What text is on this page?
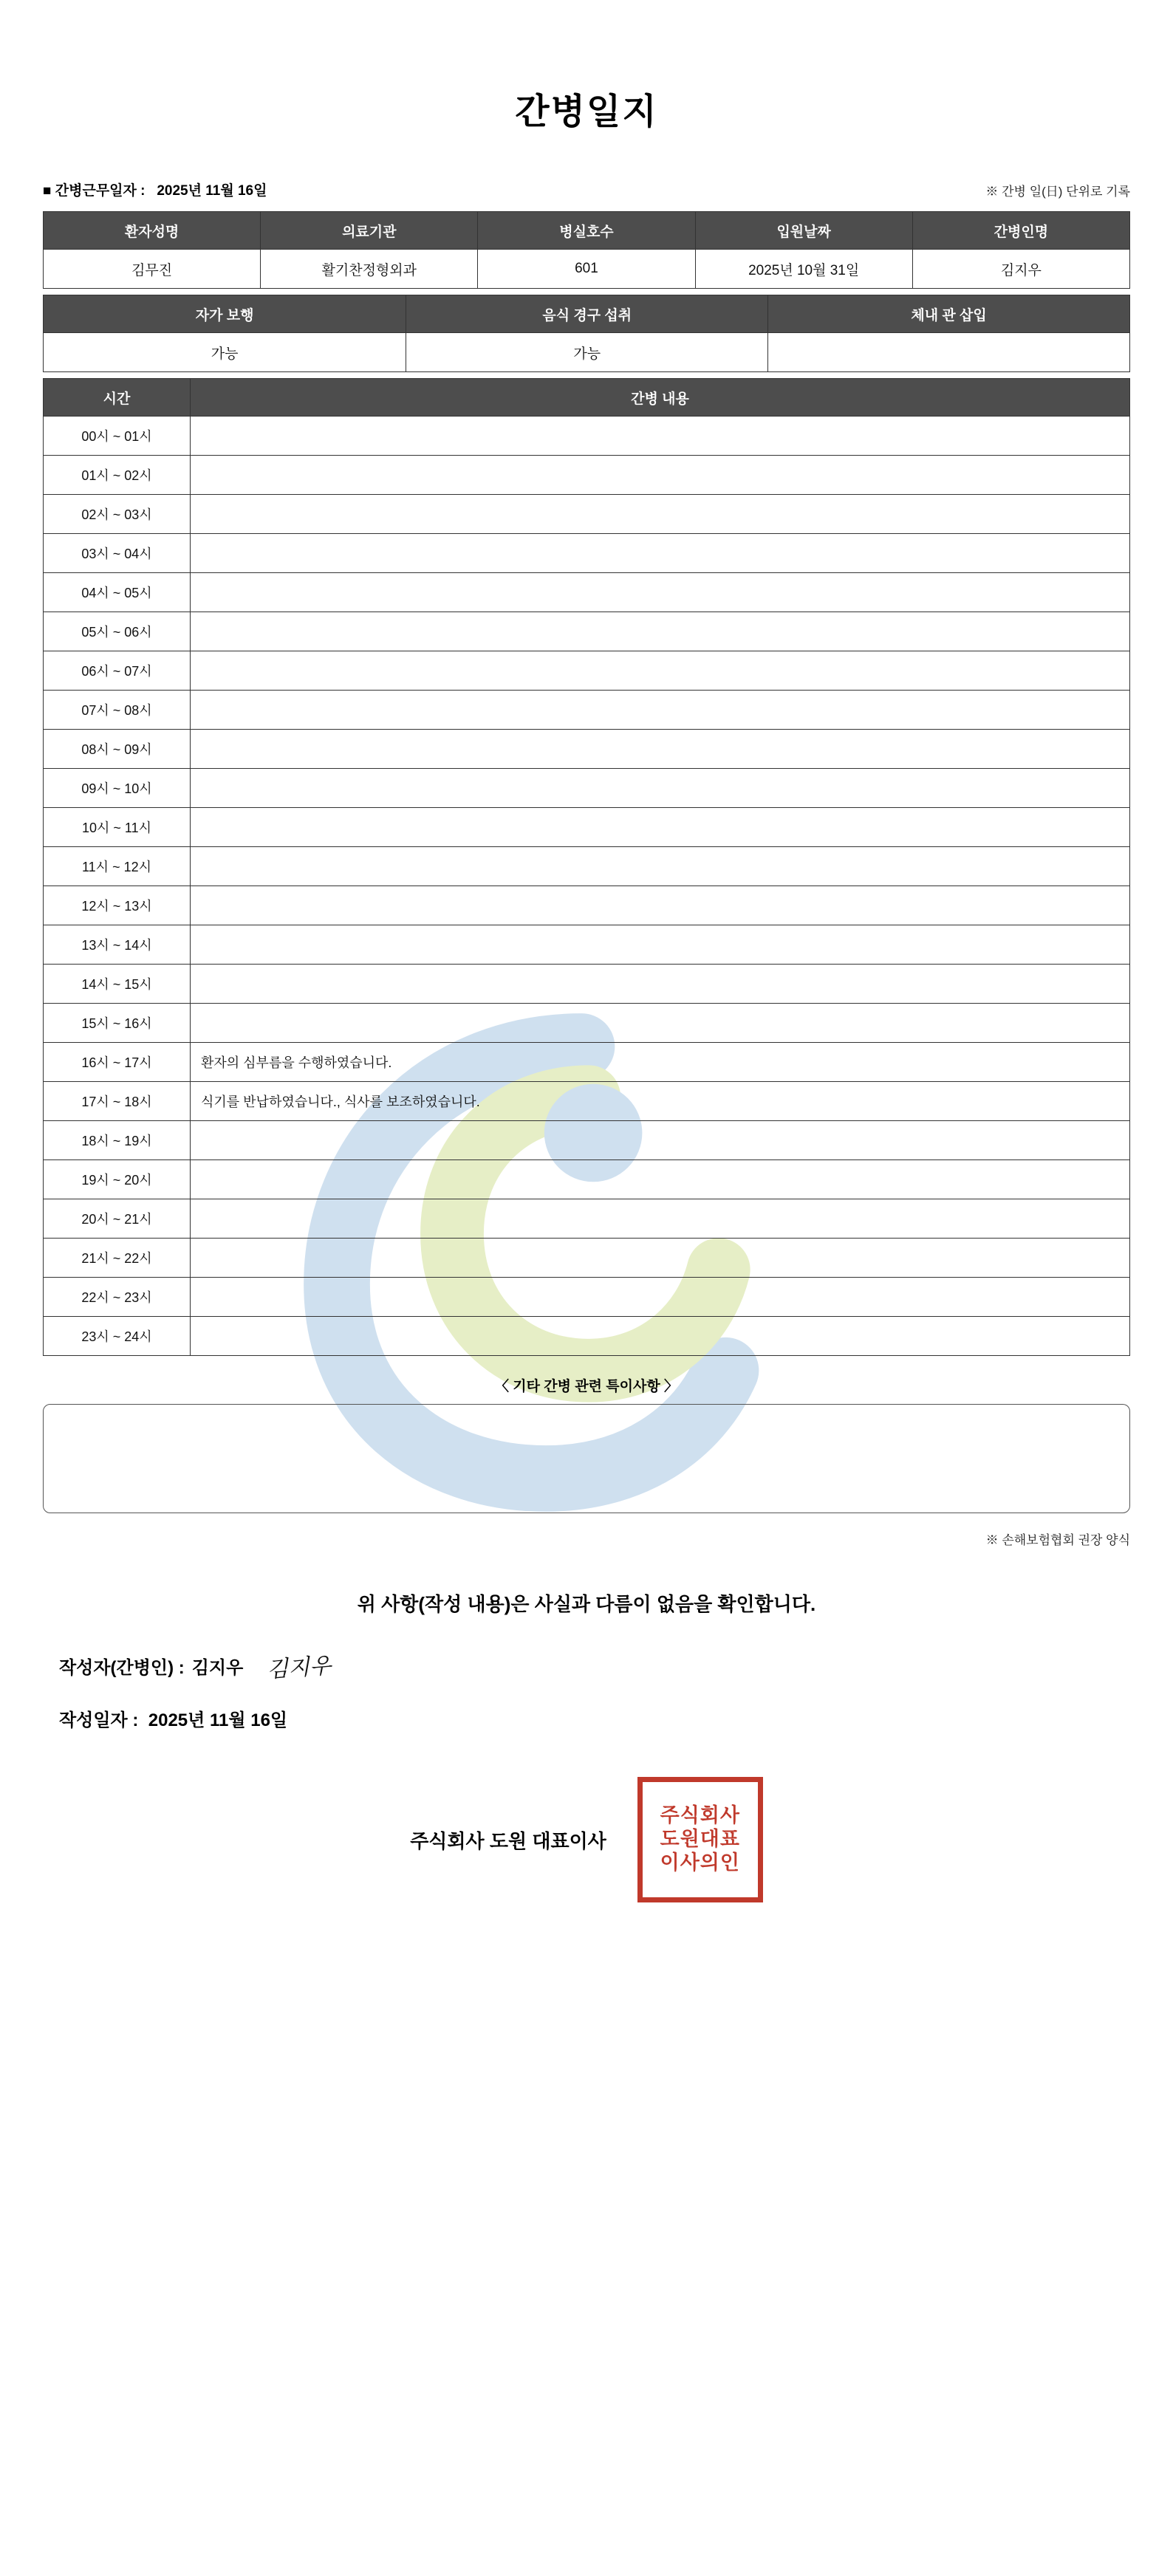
간병일지
■ 간병근무일자 : 2025년 11월 16일	※ 간병 일(日) 단위로 기록
환자성명	의료기관	병실호수	입원날짜	간병인명
김무진	활기찬정형외과	601	2025년 10월 31일	김지우
자가 보행	음식 경구 섭취	체내 관 삽입
가능	가능	
시간	간병 내용
00시 ~ 01시	
01시 ~ 02시	
02시 ~ 03시	
03시 ~ 04시	
04시 ~ 05시	
05시 ~ 06시	
06시 ~ 07시	
07시 ~ 08시	
08시 ~ 09시	
09시 ~ 10시	
10시 ~ 11시	
11시 ~ 12시	
12시 ~ 13시	
13시 ~ 14시	
14시 ~ 15시	
15시 ~ 16시	
16시 ~ 17시	환자의 심부름을 수행하였습니다.
17시 ~ 18시	식기를 반납하였습니다., 식사를 보조하였습니다.
18시 ~ 19시	
19시 ~ 20시	
20시 ~ 21시	
21시 ~ 22시	
22시 ~ 23시	
23시 ~ 24시	
〈 기타 간병 관련 특이사항 〉
※ 손해보험협회 권장 양식
위 사항(작성 내용)은 사실과 다름이 없음을 확인합니다.
작성자(간병인) : 김지우 김지우
작성일자 : 2025년 11월 16일
주식회사 도원 대표이사
주식회사
도원대표
이사의인
